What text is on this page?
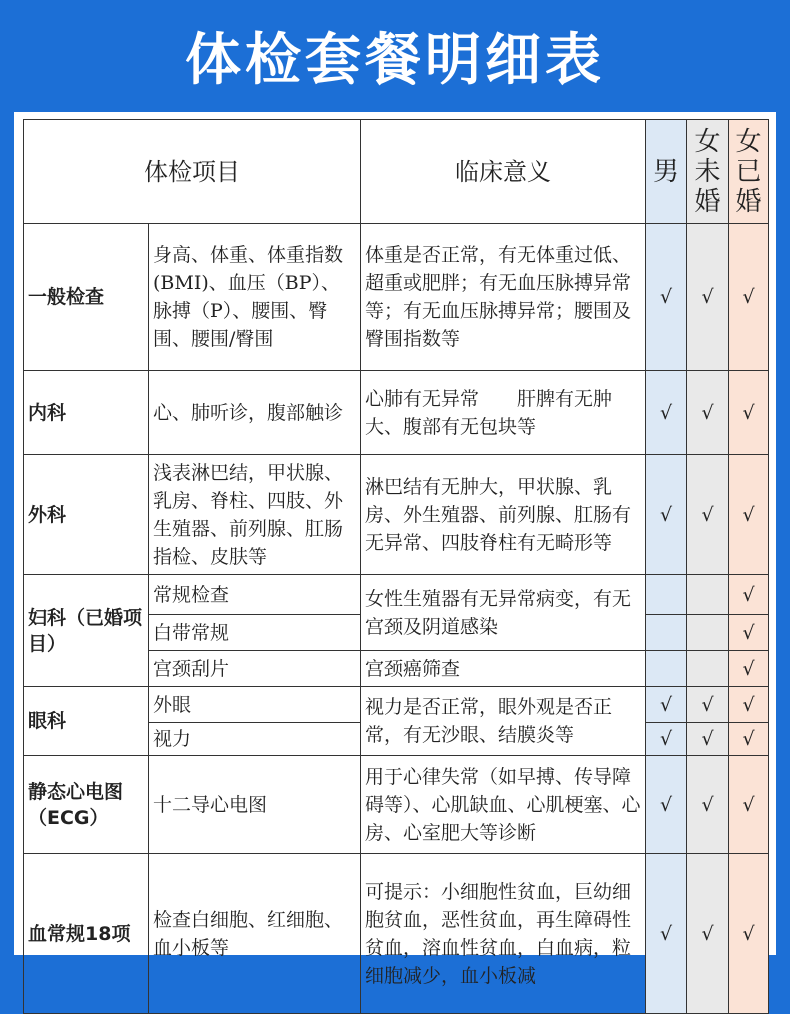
体检套餐明细表
体检项目		临床意义	男	女未婚	女已婚
一般检查	身高、体重、体重指数(BMI)、血压（BP）、脉搏（P）、腰围、臀围、腰围/臀围	体重是否正常，有无体重过低、超重或肥胖；有无血压脉搏异常等；有无血压脉搏异常；腰围及臀围指数等	√	√	√
内科	心、肺听诊，腹部触诊	心肺有无异常　　肝脾有无肿大、腹部有无包块等	√	√	√
外科	浅表淋巴结，甲状腺、乳房、脊柱、四肢、外生殖器、前列腺、肛肠指检、皮肤等	淋巴结有无肿大，甲状腺、乳房、外生殖器、前列腺、肛肠有无异常、四肢脊柱有无畸形等	√	√	√
妇科（已婚项目）	常规检查	女性生殖器有无异常病变，有无宫颈及阴道感染			√
	白带常规				√
	宫颈刮片	宫颈癌筛查			√
眼科	外眼	视力是否正常，眼外观是否正常，有无沙眼、结膜炎等	√	√	√
	视力		√	√	√
静态心电图（ECG）	十二导心电图	用于心律失常（如早搏、传导障碍等）、心肌缺血、心肌梗塞、心房、心室肥大等诊断	√	√	√
血常规18项	检查白细胞、红细胞、血小板等	可提示：小细胞性贫血，巨幼细胞贫血，恶性贫血，再生障碍性贫血，溶血性贫血，白血病，粒细胞减少，血小板减	√	√	√
